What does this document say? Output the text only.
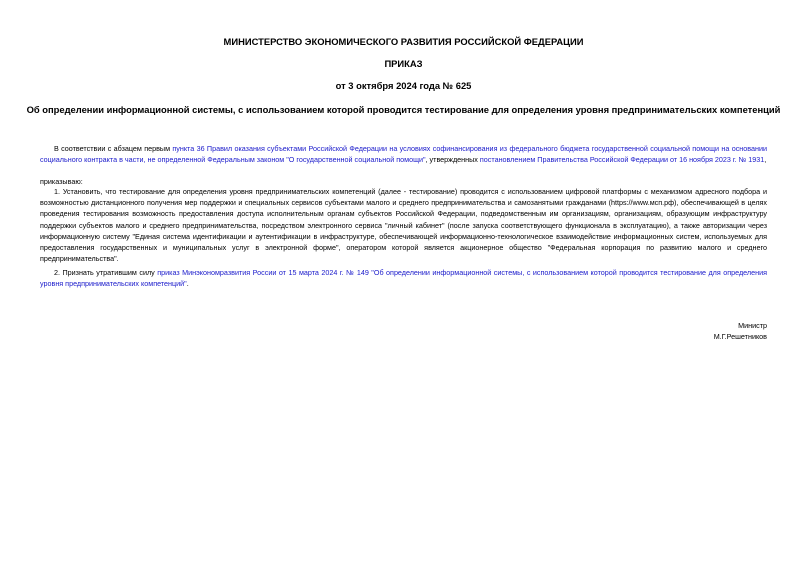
МИНИСТЕРСТВО ЭКОНОМИЧЕСКОГО РАЗВИТИЯ РОССИЙСКОЙ ФЕДЕРАЦИИ
ПРИКАЗ
от 3 октября 2024 года № 625
Об определении информационной системы, с использованием которой проводится тестирование для определения уровня предпринимательских компетенций

В соответствии с абзацем первым пункта 36 Правил оказания субъектами Российской Федерации на условиях софинансирования из федерального бюджета государственной социальной помощи на основании социального контракта в части, не определенной Федеральным законом "О государственной социальной помощи", утвержденных постановлением Правительства Российской Федерации от 16 ноября 2023 г. № 1931,

приказываю:

1. Установить, что тестирование для определения уровня предпринимательских компетенций (далее - тестирование) проводится с использованием цифровой платформы с механизмом адресного подбора и возможностью дистанционного получения мер поддержки и специальных сервисов субъектами малого и среднего предпринимательства и самозанятыми гражданами (https://www.мсп.рф), обеспечивающей в целях проведения тестирования возможность предоставления доступа исполнительным органам субъектов Российской Федерации, подведомственным им организациям, организациям, образующим инфраструктуру поддержки субъектов малого и среднего предпринимательства, посредством электронного сервиса "личный кабинет" (после запуска соответствующего функционала в эксплуатацию), а также авторизации через информационную систему "Единая система идентификации и аутентификации в инфраструктуре, обеспечивающей информационно-технологическое взаимодействие информационных систем, используемых для предоставления государственных и муниципальных услуг в электронной форме", оператором которой является акционерное общество "Федеральная корпорация по развитию малого и среднего предпринимательства".

2. Признать утратившим силу приказ Минэкономразвития России от 15 марта 2024 г. № 149 "Об определении информационной системы, с использованием которой проводится тестирование для определения уровня предпринимательских компетенций".

Министр
М.Г.Решетников
